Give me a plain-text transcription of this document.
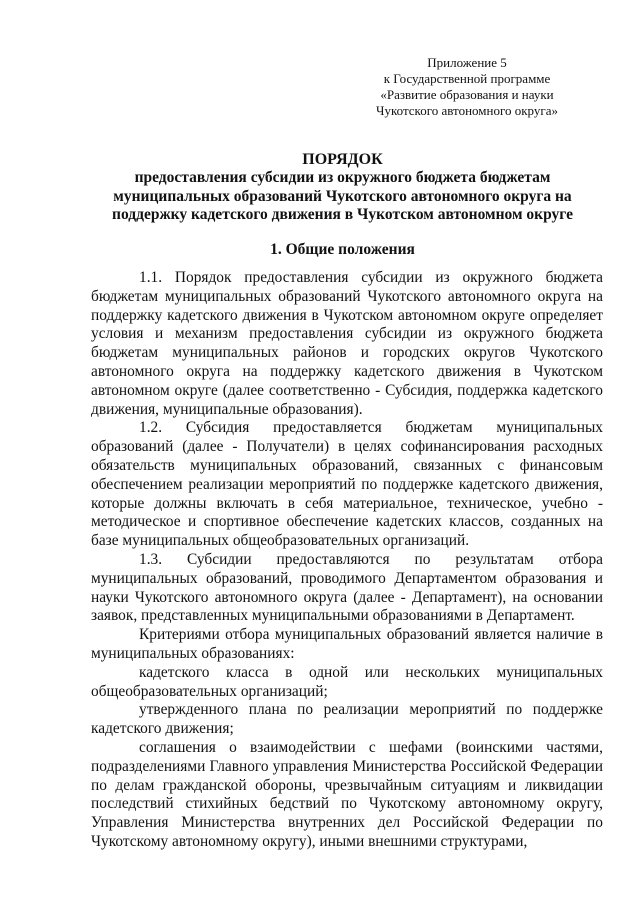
Приложение 5
к Государственной программе
«Развитие образования и науки
Чукотского автономного округа»
ПОРЯДОК
предоставления субсидии из окружного бюджета бюджетам
муниципальных образований Чукотского автономного округа на
поддержку кадетского движения в Чукотском автономном округе
1. Общие положения

1.1. Порядок предоставления субсидии из окружного бюджета бюджетам муниципальных образований Чукотского автономного округа на поддержку кадетского движения в Чукотском автономном округе определяет условия и механизм предоставления субсидии из окружного бюджета бюджетам муниципальных районов и городских округов Чукотского автономного округа на поддержку кадетского движения в Чукотском автономном округе (далее соответственно - Субсидия, поддержка кадетского движения, муниципальные образования).

1.2. Субсидия предоставляется бюджетам муниципальных образований (далее - Получатели) в целях софинансирования расходных обязательств муниципальных образований, связанных с финансовым обеспечением реализации мероприятий по поддержке кадетского движения, которые должны включать в себя материальное, техническое, учебно - методическое и спортивное обеспечение кадетских классов, созданных на базе муниципальных общеобразовательных организаций.

1.3. Субсидии предоставляются по результатам отбора муниципальных образований, проводимого Департаментом образования и науки Чукотского автономного округа (далее - Департамент), на основании заявок, представленных муниципальными образованиями в Департамент.

Критериями отбора муниципальных образований является наличие в муниципальных образованиях:

кадетского класса в одной или нескольких муниципальных общеобразовательных организаций;

утвержденного плана по реализации мероприятий по поддержке кадетского движения;

соглашения о взаимодействии с шефами (воинскими частями, подразделениями Главного управления Министерства Российской Федерации по делам гражданской обороны, чрезвычайным ситуациям и ликвидации последствий стихийных бедствий по Чукотскому автономному округу, Управления Министерства внутренних дел Российской Федерации по Чукотскому автономному округу), иными внешними структурами,
